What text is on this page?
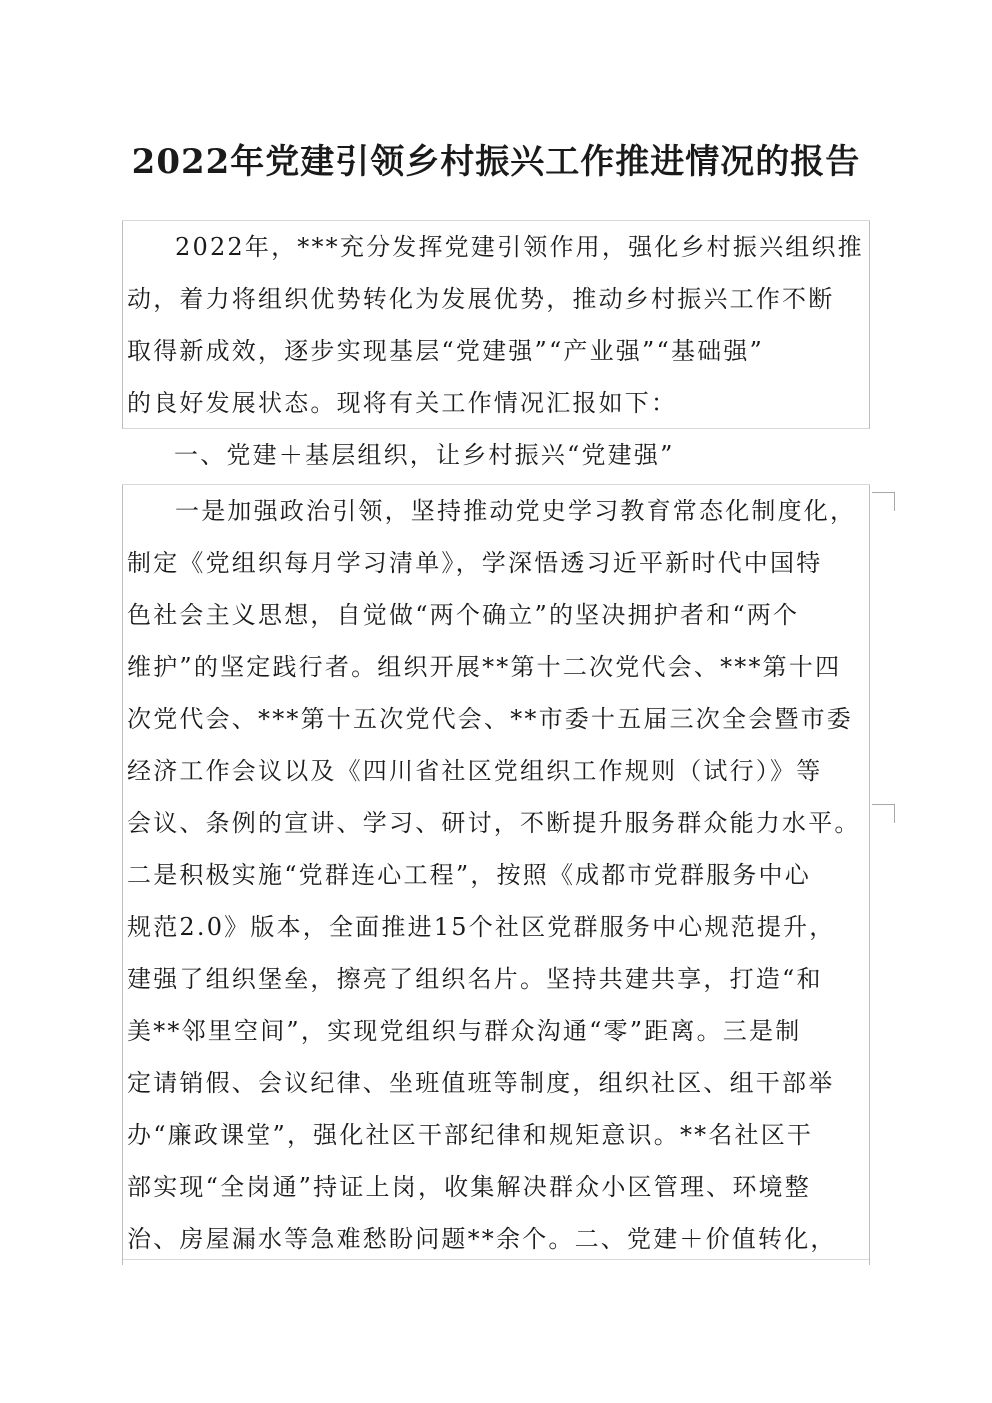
2022年党建引领乡村振兴工作推进情况的报告
2022年，***充分发挥党建引领作用，强化乡村振兴组织推
动，着力将组织优势转化为发展优势，推动乡村振兴工作不断
取得新成效，逐步实现基层“党建强”“产业强”“基础强”
的良好发展状态。现将有关工作情况汇报如下：
一、党建＋基层组织，让乡村振兴“党建强”
一是加强政治引领，坚持推动党史学习教育常态化制度化，
制定《党组织每月学习清单》，学深悟透习近平新时代中国特
色社会主义思想，自觉做“两个确立”的坚决拥护者和“两个
维护”的坚定践行者。组织开展**第十二次党代会、***第十四
次党代会、***第十五次党代会、**市委十五届三次全会暨市委
经济工作会议以及《四川省社区党组织工作规则（试行）》等
会议、条例的宣讲、学习、研讨，不断提升服务群众能力水平。
二是积极实施“党群连心工程”，按照《成都市党群服务中心
规范2.0》版本，全面推进15个社区党群服务中心规范提升，
建强了组织堡垒，擦亮了组织名片。坚持共建共享，打造“和
美**邻里空间”，实现党组织与群众沟通“零”距离。三是制
定请销假、会议纪律、坐班值班等制度，组织社区、组干部举
办“廉政课堂”，强化社区干部纪律和规矩意识。**名社区干
部实现“全岗通”持证上岗，收集解决群众小区管理、环境整
治、房屋漏水等急难愁盼问题**余个。二、党建＋价值转化，
